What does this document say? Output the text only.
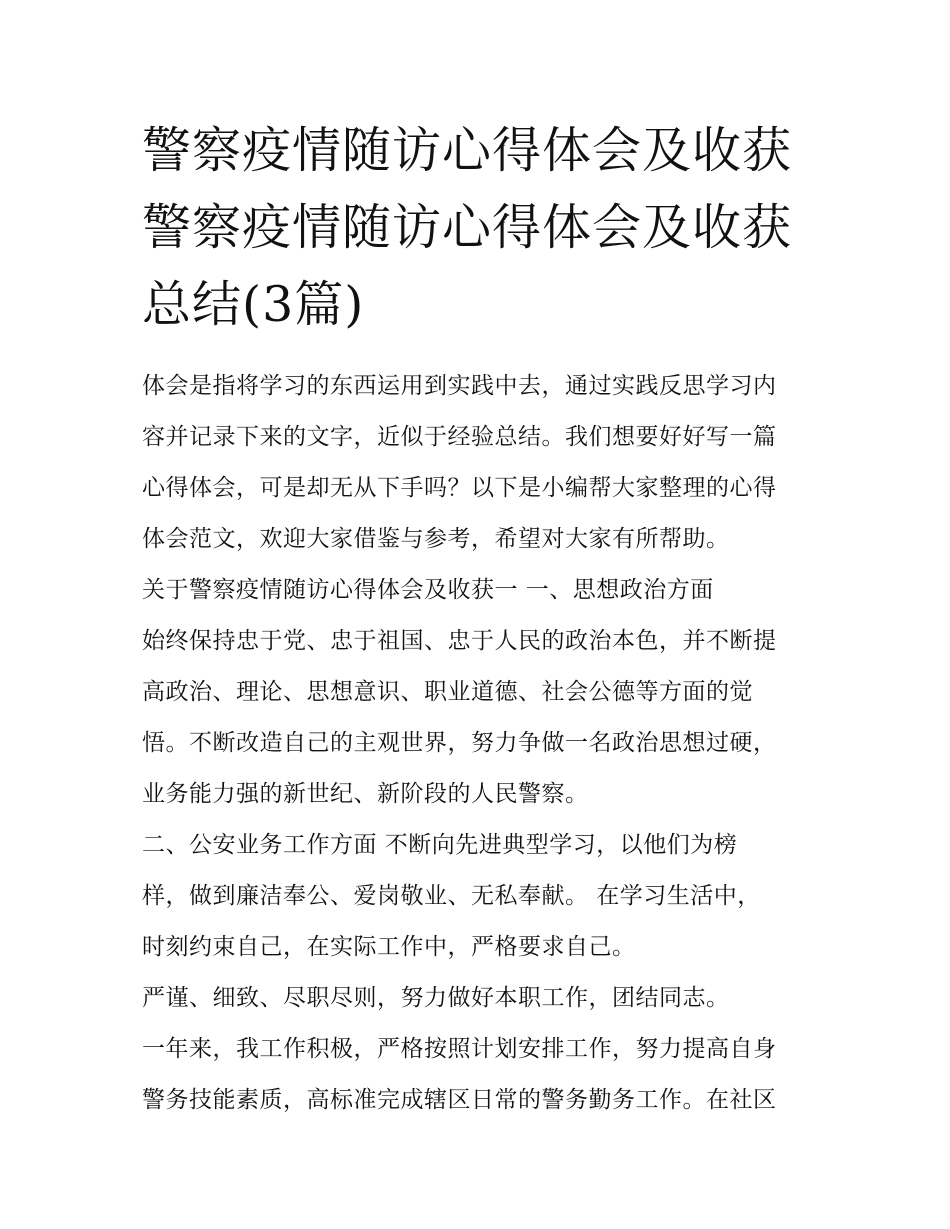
警察疫情随访心得体会及收获
警察疫情随访心得体会及收获
总结(3篇)
体会是指将学习的东西运用到实践中去，通过实践反思学习内
容并记录下来的文字，近似于经验总结。我们想要好好写一篇
心得体会，可是却无从下手吗？以下是小编帮大家整理的心得
体会范文，欢迎大家借鉴与参考，希望对大家有所帮助。
关于警察疫情随访心得体会及收获一 一、思想政治方面
始终保持忠于党、忠于祖国、忠于人民的政治本色，并不断提
高政治、理论、思想意识、职业道德、社会公德等方面的觉
悟。不断改造自己的主观世界，努力争做一名政治思想过硬，
业务能力强的新世纪、新阶段的人民警察。
二、公安业务工作方面 不断向先进典型学习，以他们为榜
样，做到廉洁奉公、爱岗敬业、无私奉献。 在学习生活中，
时刻约束自己，在实际工作中，严格要求自己。
严谨、细致、尽职尽则，努力做好本职工作，团结同志。
一年来，我工作积极，严格按照计划安排工作，努力提高自身
警务技能素质，高标准完成辖区日常的警务勤务工作。在社区
